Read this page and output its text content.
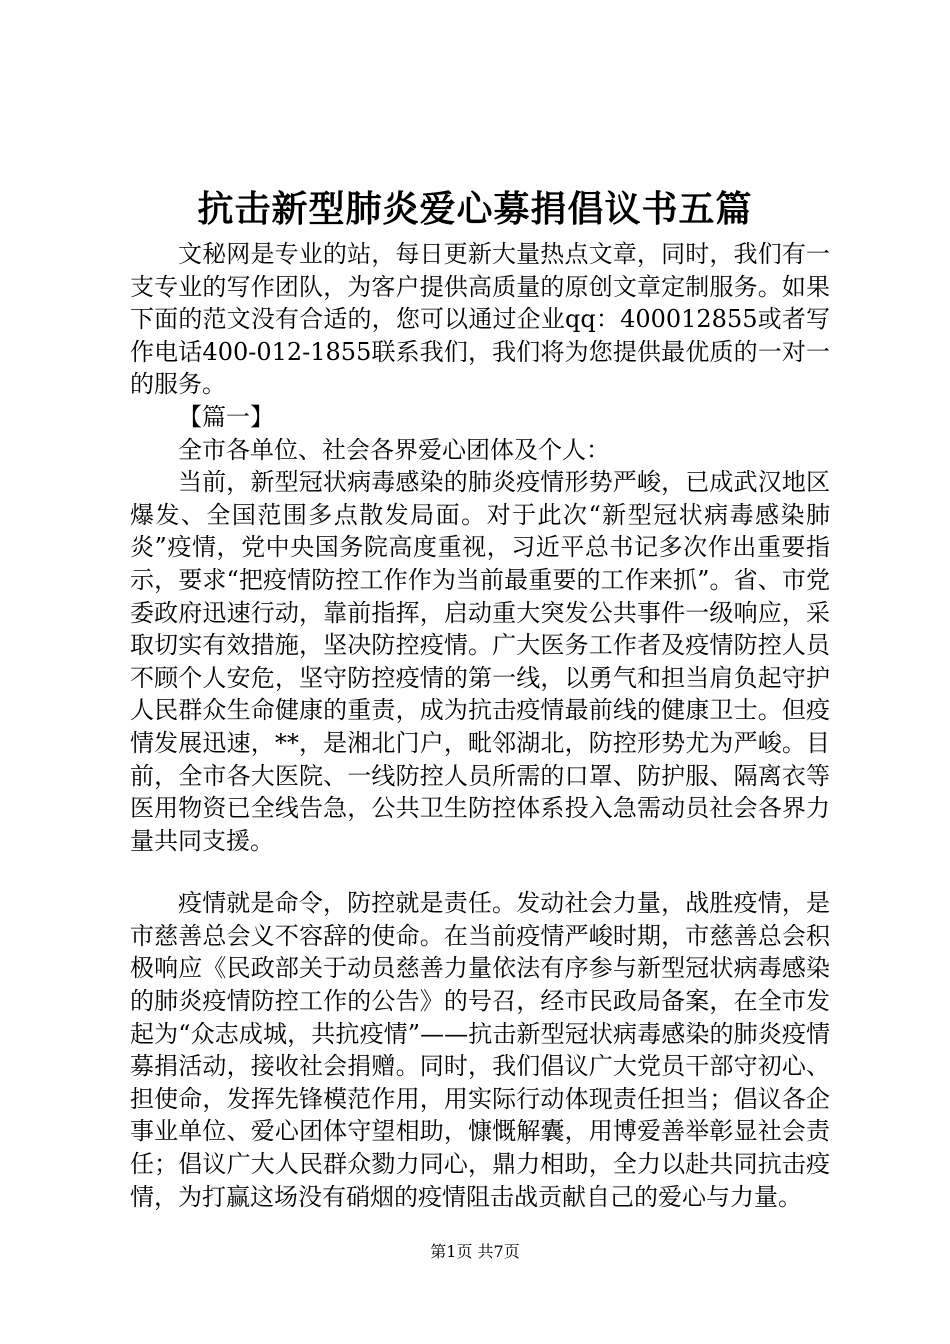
抗击新型肺炎爱心募捐倡议书五篇

文秘网是专业的站，每日更新大量热点文章，同时，我们有一支专业的写作团队，为客户提供高质量的原创文章定制服务。如果下面的范文没有合适的，您可以通过企业qq：400012855或者写作电话400-012-1855联系我们，我们将为您提供最优质的一对一的服务。

【篇一】

全市各单位、社会各界爱心团体及个人：

当前，新型冠状病毒感染的肺炎疫情形势严峻，已成武汉地区爆发、全国范围多点散发局面。对于此次“新型冠状病毒感染肺炎”疫情，党中央国务院高度重视，习近平总书记多次作出重要指示，要求“把疫情防控工作作为当前最重要的工作来抓”。省、市党委政府迅速行动，靠前指挥，启动重大突发公共事件一级响应，采取切实有效措施，坚决防控疫情。广大医务工作者及疫情防控人员不顾个人安危，坚守防控疫情的第一线，以勇气和担当肩负起守护人民群众生命健康的重责，成为抗击疫情最前线的健康卫士。但疫情发展迅速，**，是湘北门户，毗邻湖北，防控形势尤为严峻。目前，全市各大医院、一线防控人员所需的口罩、防护服、隔离衣等医用物资已全线告急，公共卫生防控体系投入急需动员社会各界力量共同支援。

疫情就是命令，防控就是责任。发动社会力量，战胜疫情，是市慈善总会义不容辞的使命。在当前疫情严峻时期，市慈善总会积极响应《民政部关于动员慈善力量依法有序参与新型冠状病毒感染的肺炎疫情防控工作的公告》的号召，经市民政局备案，在全市发起为“众志成城，共抗疫情”——抗击新型冠状病毒感染的肺炎疫情募捐活动，接收社会捐赠。同时，我们倡议广大党员干部守初心、担使命，发挥先锋模范作用，用实际行动体现责任担当；倡议各企事业单位、爱心团体守望相助，慷慨解囊，用博爱善举彰显社会责任；倡议广大人民群众勠力同心，鼎力相助，全力以赴共同抗击疫情，为打赢这场没有硝烟的疫情阻击战贡献自己的爱心与力量。

第1页 共7页
